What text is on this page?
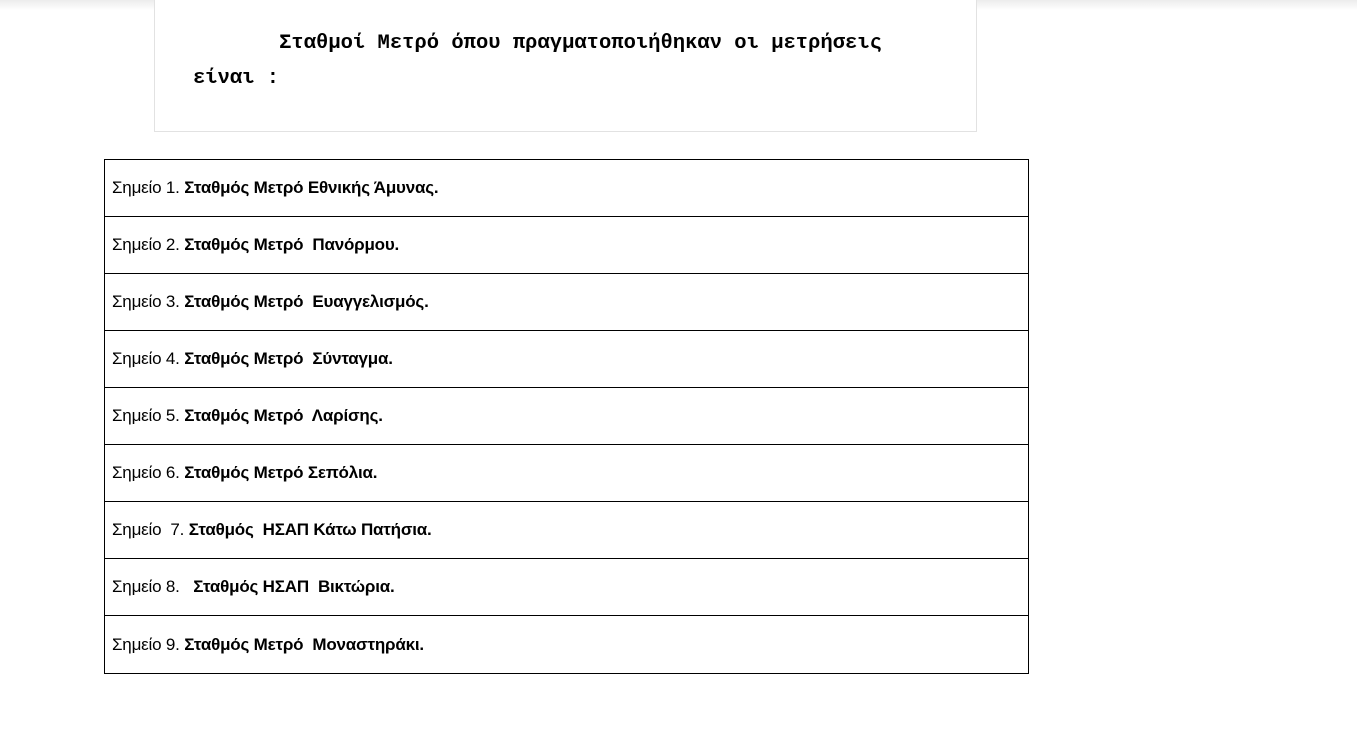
Σταθμοί Μετρό όπου πραγματοποιήθηκαν οι μετρήσεις
είναι :

Σημείο 1. Σταθμός Μετρό Εθνικής Άμυνας.
Σημείο 2. Σταθμός Μετρό  Πανόρμου.
Σημείο 3. Σταθμός Μετρό  Ευαγγελισμός.
Σημείο 4. Σταθμός Μετρό  Σύνταγμα.
Σημείο 5. Σταθμός Μετρό  Λαρίσης.
Σημείο 6. Σταθμός Μετρό Σεπόλια.
Σημείο  7. Σταθμός  ΗΣΑΠ Κάτω Πατήσια.
Σημείο 8.   Σταθμός ΗΣΑΠ  Βικτώρια.
Σημείο 9. Σταθμός Μετρό  Μοναστηράκι.
